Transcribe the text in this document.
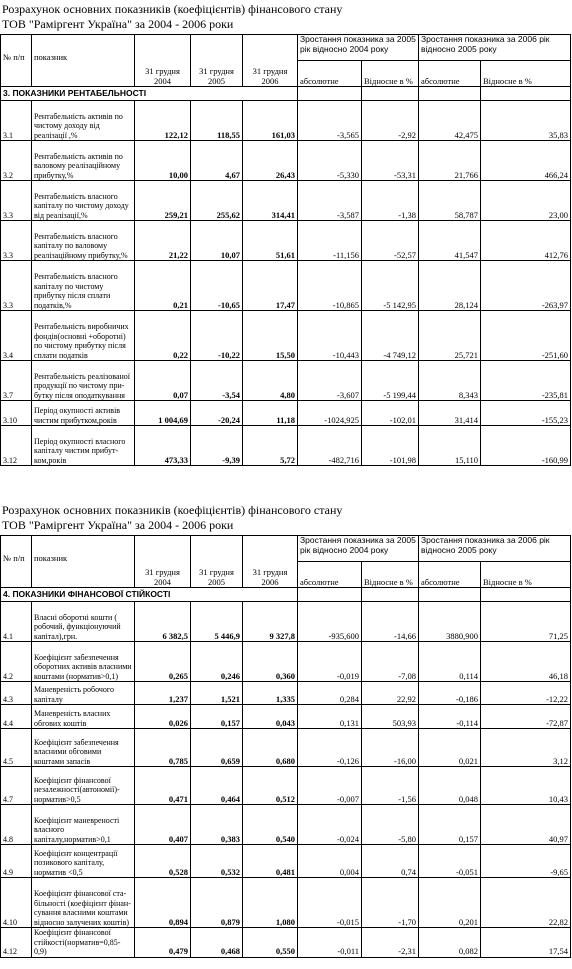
Розрахунок основних показників (коефіцієнтів) фінансового стану
ТОВ "Раміргент Україна" за 2004 - 2006 роки
№ п/п	показник	31 грудня 2004	31 грудня 2005	31 грудня 2006	Зростання показника за 2005 рік відносно 2004 року		Зростання показника за 2006 рік відносно 2005 року	
					абсолютне	Відносне в %	абсолютне	Відносне в %
3. ПОКАЗНИКИ РЕНТАБЕЛЬНОСТІ								
3.1	Рентабельність активів по чистому доходу від реалізації ,%	122,12	118,55	161,03	-3,565	-2,92	42,475	35,83
3.2	Рентабельність активів по валовому реалізаційному прибутку,%	10,00	4,67	26,43	-5,330	-53,31	21,766	466,24
3.3	Рентабельність власного капіталу по чистому доходу від реалізації,%	259,21	255,62	314,41	-3,587	-1,38	58,787	23,00
3.3	Рентабельність власного капіталу по валовому реалізаційному прибутку,%	21,22	10,07	51,61	-11,156	-52,57	41,547	412,76
3.3	Рентабельність власного капіталу по чистому прибутку після сплати податків,%	0,21	-10,65	17,47	-10,865	-5 142,95	28,124	-263,97
3.4	Рентабельність виробничих фондів(основні +оборотні) по чистому прибутку після сплати податків	0,22	-10,22	15,50	-10,443	-4 749,12	25,721	-251,60
3.7	Рентабельність реалізованої продукції по чистому при- бутку після оподаткування	0,07	-3,54	4,80	-3,607	-5 199,44	8,343	-235,81
3.10	Період окупності активів чистим прибутком,років	1 004,69	-20,24	11,18	-1024,925	-102,01	31,414	-155,23
3.12	Період окупності власного капіталу чистим прибут- ком,років	473,33	-9,39	5,72	-482,716	-101,98	15,110	-160,99
Розрахунок основних показників (коефіцієнтів) фінансового стану
ТОВ "Раміргент Україна" за 2004 - 2006 роки
№ п/п	показник	31 грудня 2004	31 грудня 2005	31 грудня 2006	Зростання показника за 2005 рік відносно 2004 року		Зростання показника за 2006 рік відносно 2005 року	
					абсолютне	Відносне в %	абсолютне	Відносне в %
4. ПОКАЗНИКИ ФІНАНСОВОЇ СТІЙКОСТІ								
4.1	Власні оборотні кошти ( робочий, функціонуючий капітал),грн.	6 382,5	5 446,9	9 327,8	-935,600	-14,66	3880,900	71,25
4.2	Коефіцієнт забезпечення оборотних активів власними коштами (норматив>0,1)	0,265	0,246	0,360	-0,019	-7,08	0,114	46,18
4.3	Маневреність робочого капіталу	1,237	1,521	1,335	0,284	22,92	-0,186	-12,22
4.4	Маневреність власних обгових коштів	0,026	0,157	0,043	0,131	503,93	-0,114	-72,87
4.5	Коефіцієнт забезпечення власними обговими коштами запасів	0,785	0,659	0,680	-0,126	-16,00	0,021	3,12
4.7	Коефіцієнт фінансової незалежності(автономії)- норматив>0,5	0,471	0,464	0,512	-0,007	-1,56	0,048	10,43
4.8	Коефіцієнт маневреності власного капіталу,норматив>0,1	0,407	0,383	0,540	-0,024	-5,80	0,157	40,97
4.9	Коефіцієнт концентрації позикового капіталу, норматив <0,5	0,528	0,532	0,481	0,004	0,74	-0,051	-9,65
4.10	Коефіцієнт фінансової ста- більності (коефіцієнт фінан- сування власними коштами відносно залучених коштів)	0,894	0,879	1,080	-0,015	-1,70	0,201	22,82
4.12	Коефіцієнт фінансової стійкості(норматив=0,85-0,9)	0,479	0,468	0,550	-0,011	-2,31	0,082	17,54
